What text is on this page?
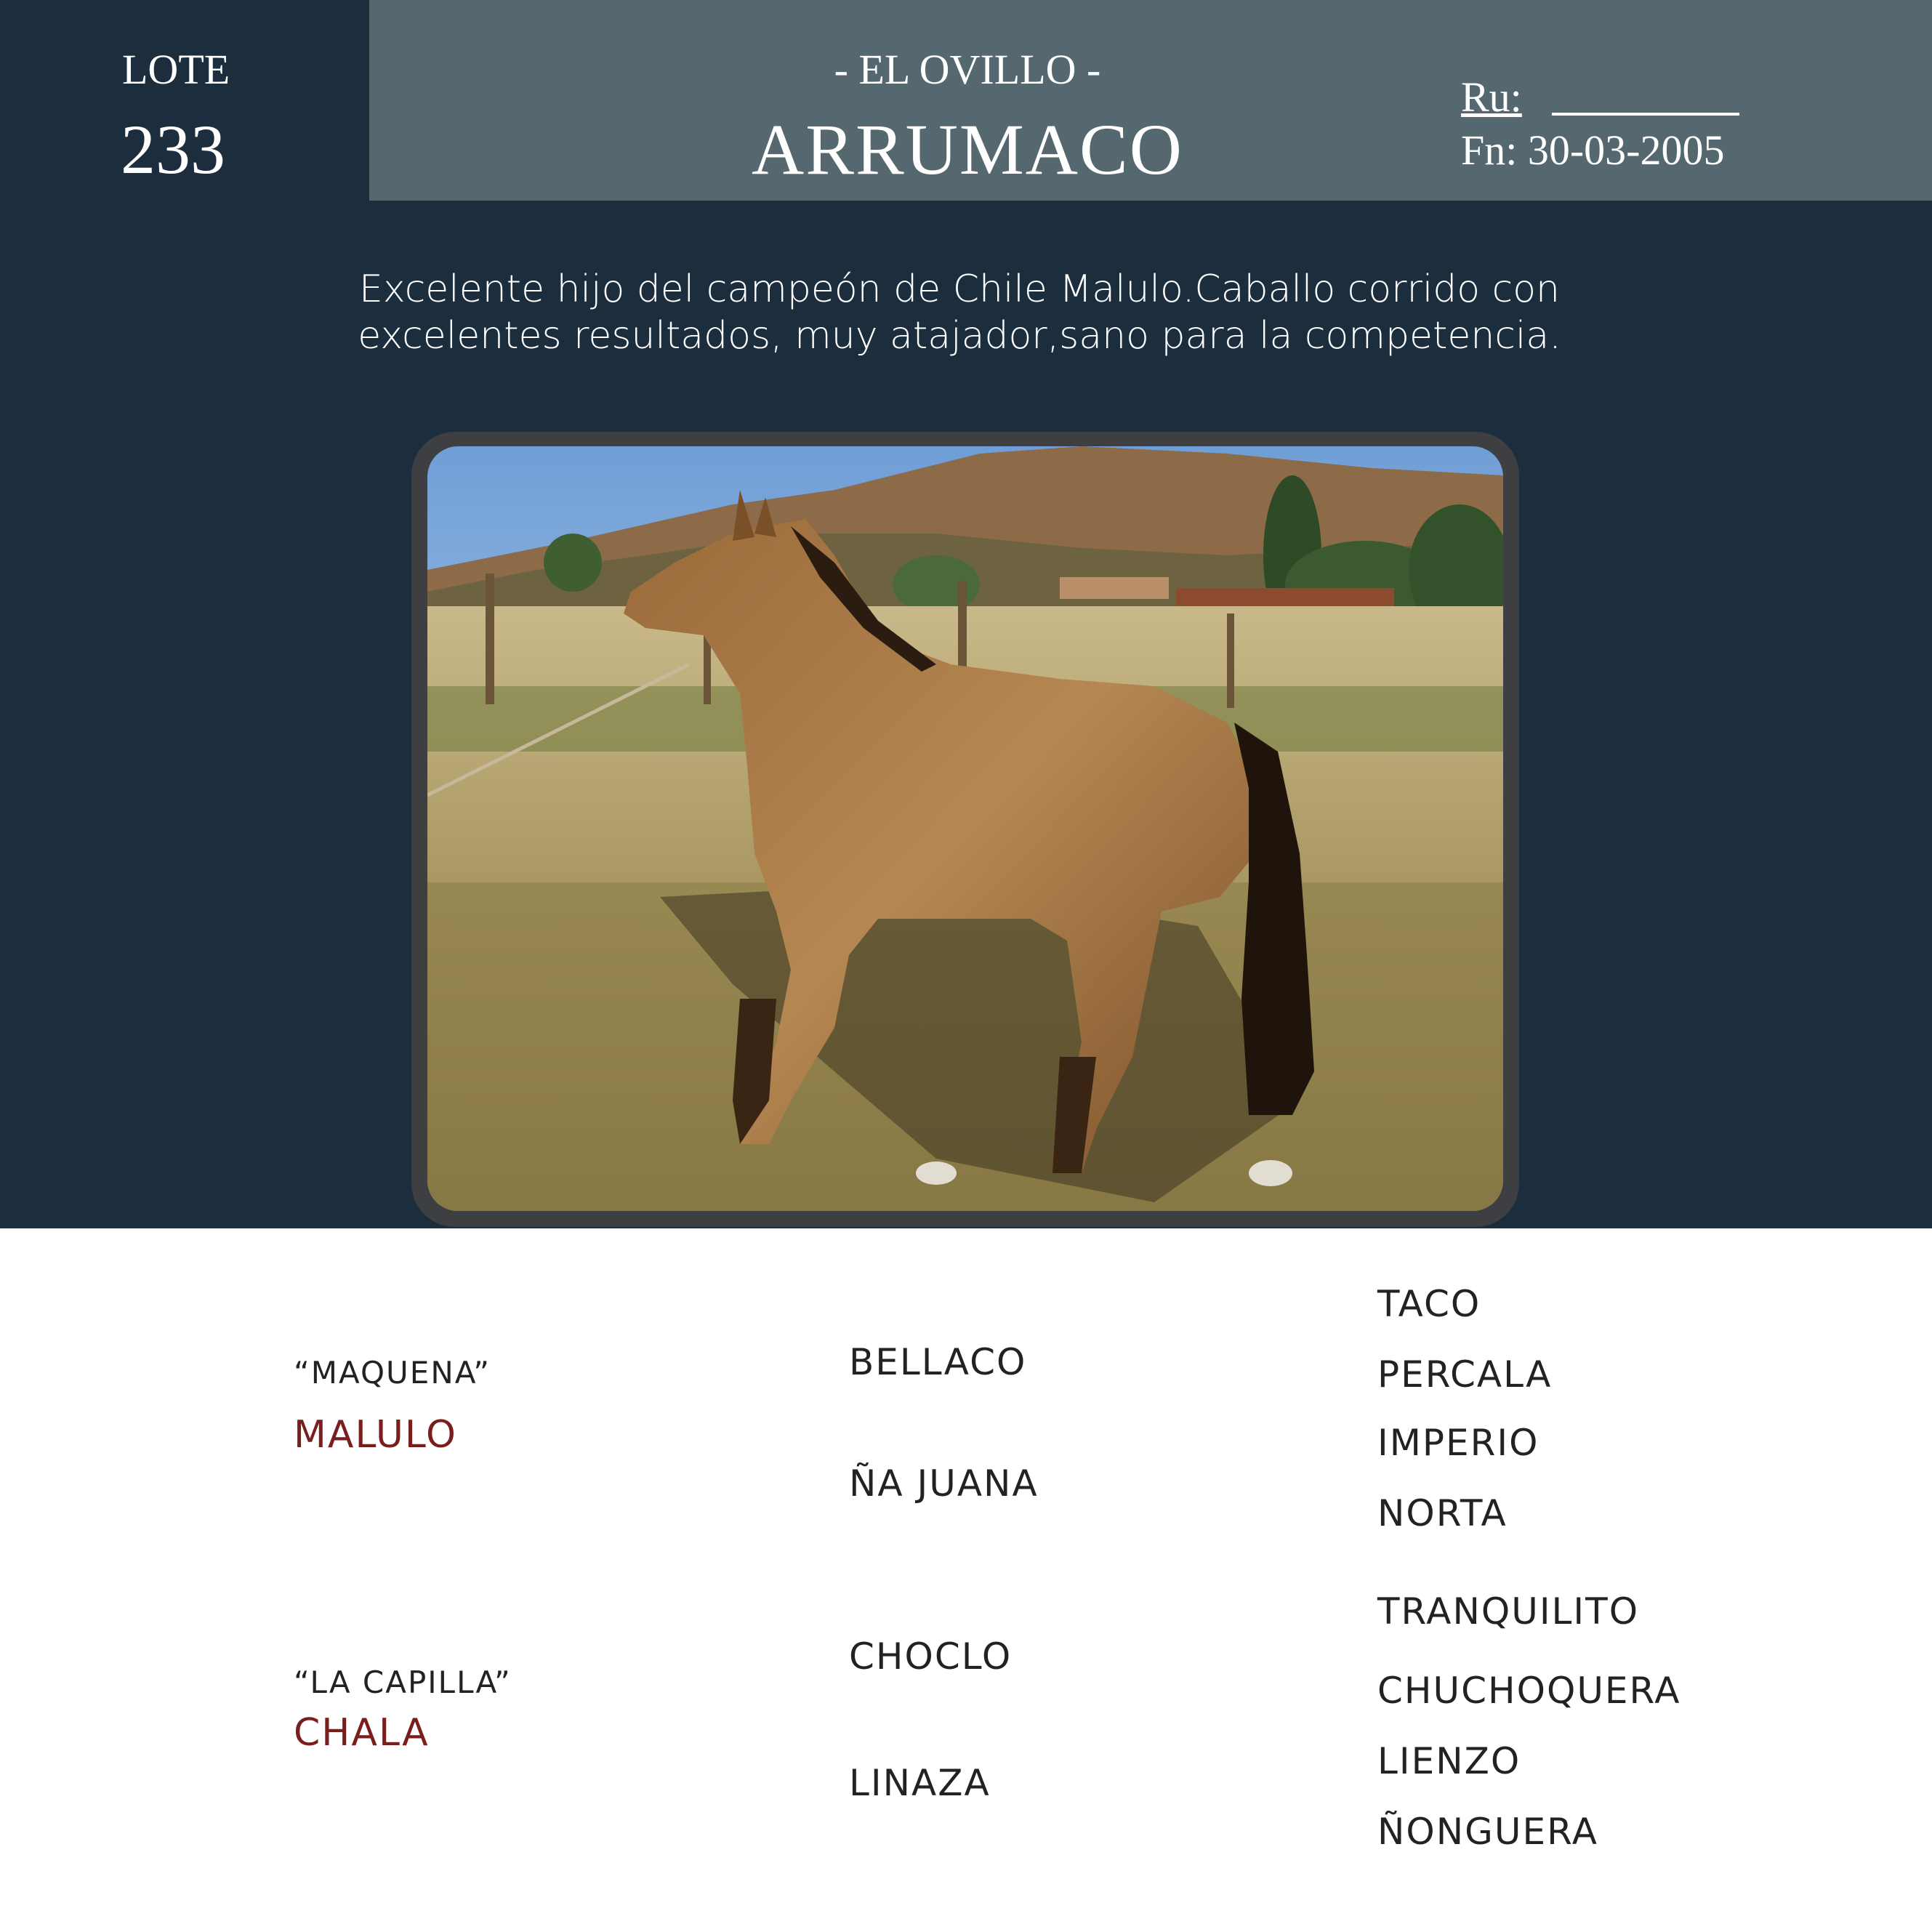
LOTE
233
- EL OVILLO -
ARRUMACO
Ru:
Fn: 30-03-2005
Excelente hijo del campeón de Chile Malulo.Caballo corrido con
excelentes resultados, muy atajador,sano para la competencia.
“MAQUENA”
MALULO
BELLACO
ÑA JUANA
TACO
PERCALA
IMPERIO
NORTA
“LA CAPILLA”
CHALA
CHOCLO
LINAZA
TRANQUILITO
CHUCHOQUERA
LIENZO
ÑONGUERA
